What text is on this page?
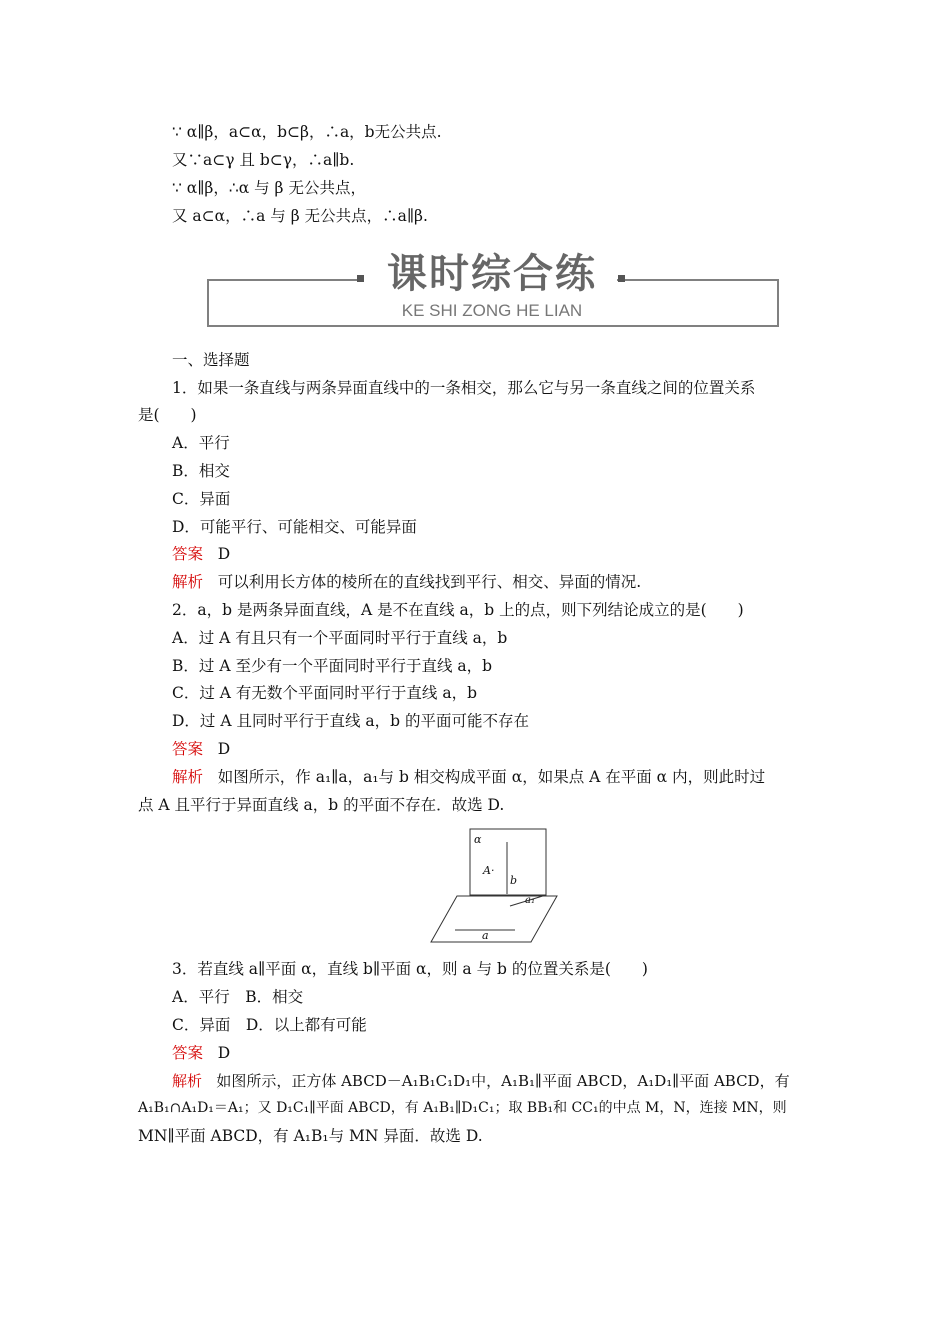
∵ α∥β，a⊂α，b⊂β，∴a，b无公共点.
又∵a⊂γ 且 b⊂γ，∴a∥b.
∵ α∥β，∴α 与 β 无公共点，
又 a⊂α，∴a 与 β 无公共点，∴a∥β.
课时综合练
KE SHI ZONG HE LIAN
一、选择题
1．如果一条直线与两条异面直线中的一条相交，那么它与另一条直线之间的位置关系
是(　　)
A．平行
B．相交
C．异面
D．可能平行、可能相交、可能异面
答案 D
解析 可以利用长方体的棱所在的直线找到平行、相交、异面的情况.
2．a，b 是两条异面直线，A 是不在直线 a，b 上的点，则下列结论成立的是(　　)
A．过 A 有且只有一个平面同时平行于直线 a，b
B．过 A 至少有一个平面同时平行于直线 a，b
C．过 A 有无数个平面同时平行于直线 a，b
D．过 A 且同时平行于直线 a，b 的平面可能不存在
答案 D
解析 如图所示，作 a₁∥a，a₁与 b 相交构成平面 α，如果点 A 在平面 α 内，则此时过
点 A 且平行于异面直线 a，b 的平面不存在．故选 D.
α
A·
b
a₁
a
3．若直线 a∥平面 α，直线 b∥平面 α，则 a 与 b 的位置关系是(　　)
A．平行　B．相交
C．异面　D．以上都有可能
答案 D
解析 如图所示，正方体 ABCD－A₁B₁C₁D₁中，A₁B₁∥平面 ABCD，A₁D₁∥平面 ABCD，有
A₁B₁∩A₁D₁＝A₁；又 D₁C₁∥平面 ABCD，有 A₁B₁∥D₁C₁；取 BB₁和 CC₁的中点 M，N，连接 MN，则
MN∥平面 ABCD，有 A₁B₁与 MN 异面．故选 D.
